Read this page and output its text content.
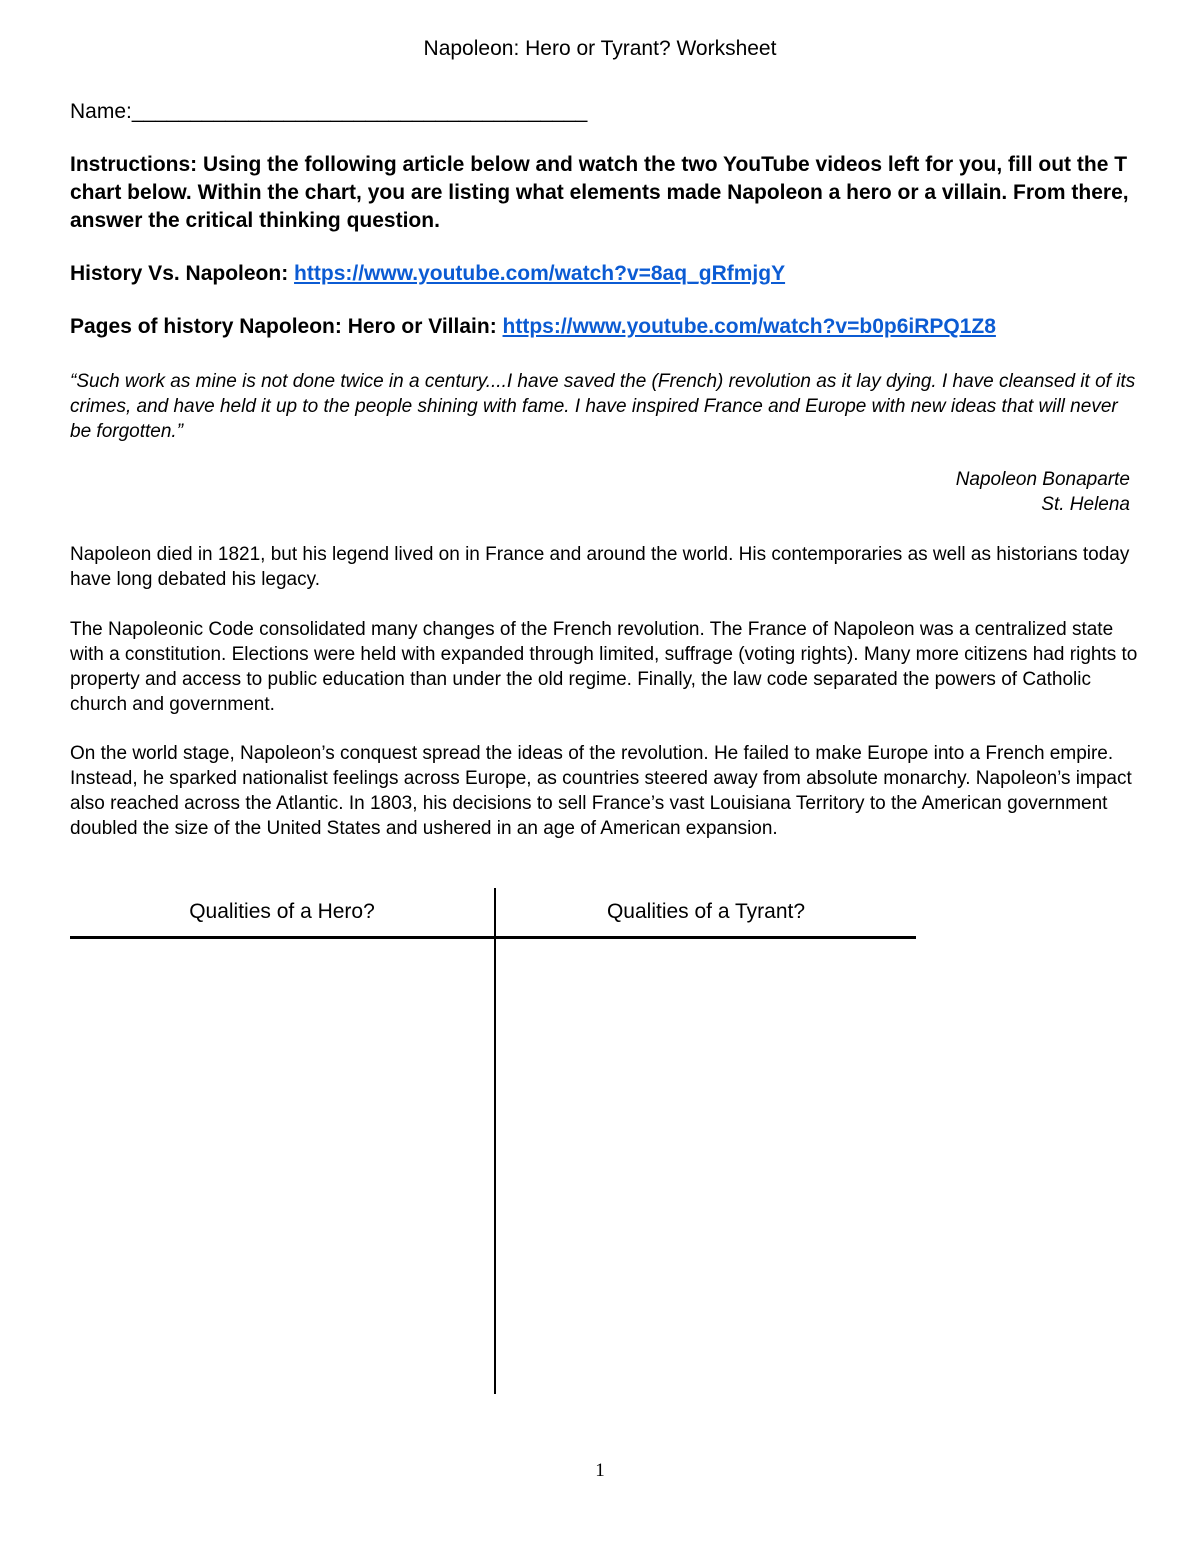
Napoleon: Hero or Tyrant? Worksheet
Name:_______________________________________
Instructions: Using the following article below and watch the two YouTube videos left for you, fill out the T chart below. Within the chart, you are listing what elements made Napoleon a hero or a villain. From there, answer the critical thinking question.
History Vs. Napoleon: https://www.youtube.com/watch?v=8aq_gRfmjgY
Pages of history Napoleon: Hero or Villain: https://www.youtube.com/watch?v=b0p6iRPQ1Z8
“Such work as mine is not done twice in a century....I have saved the (French) revolution as it lay dying. I have cleansed it of its crimes, and have held it up to the people shining with fame. I have inspired France and Europe with new ideas that will never be forgotten.”
Napoleon Bonaparte
St. Helena
Napoleon died in 1821, but his legend lived on in France and around the world. His contemporaries as well as historians today have long debated his legacy.
The Napoleonic Code consolidated many changes of the French revolution. The France of Napoleon was a centralized state with a constitution. Elections were held with expanded through limited, suffrage (voting rights). Many more citizens had rights to property and access to public education than under the old regime. Finally, the law code separated the powers of Catholic church and government.
On the world stage, Napoleon’s conquest spread the ideas of the revolution. He failed to make Europe into a French empire. Instead, he sparked nationalist feelings across Europe, as countries steered away from absolute monarchy. Napoleon’s impact also reached across the Atlantic. In 1803, his decisions to sell France’s vast Louisiana Territory to the American government doubled the size of the United States and ushered in an age of American expansion.
Qualities of a Hero?	Qualities of a Tyrant?
1
